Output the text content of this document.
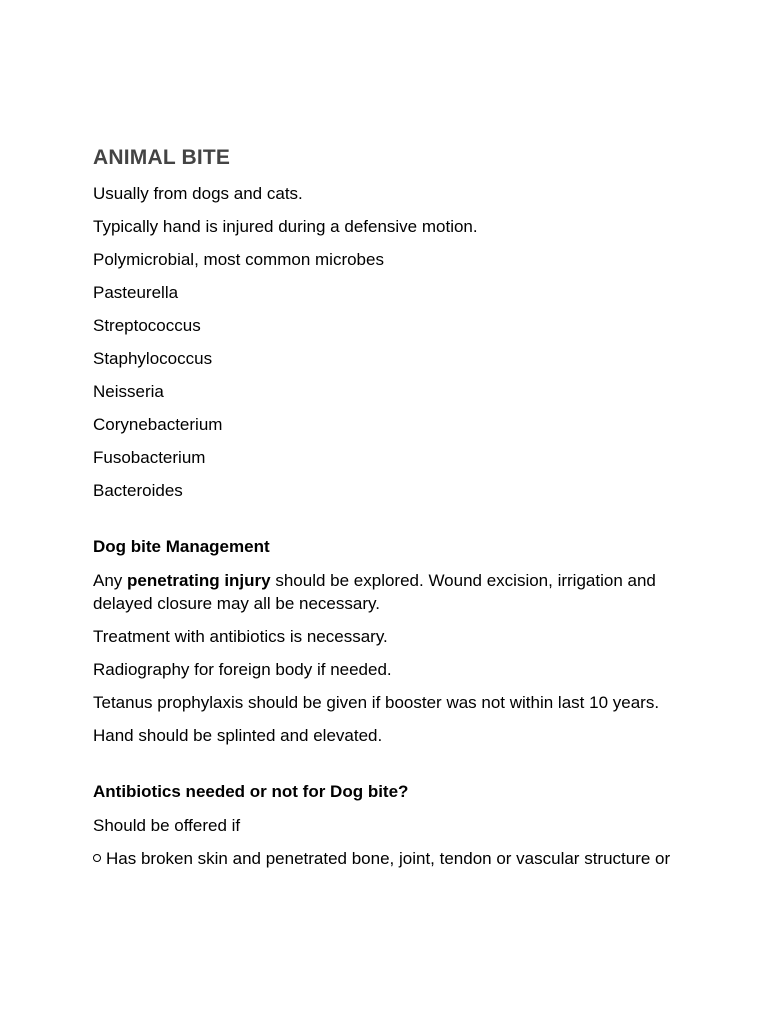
ANIMAL BITE

Usually from dogs and cats.

Typically hand is injured during a defensive motion.

Polymicrobial, most common microbes

Pasteurella

Streptococcus

Staphylococcus

Neisseria

Corynebacterium

Fusobacterium

Bacteroides

Dog bite Management

Any penetrating injury should be explored. Wound excision, irrigation and delayed closure may all be necessary.

Treatment with antibiotics is necessary.

Radiography for foreign body if needed.

Tetanus prophylaxis should be given if booster was not within last 10 years.

Hand should be splinted and elevated.

Antibiotics needed or not for Dog bite?

Should be offered if

Has broken skin and penetrated bone, joint, tendon or vascular structure or
